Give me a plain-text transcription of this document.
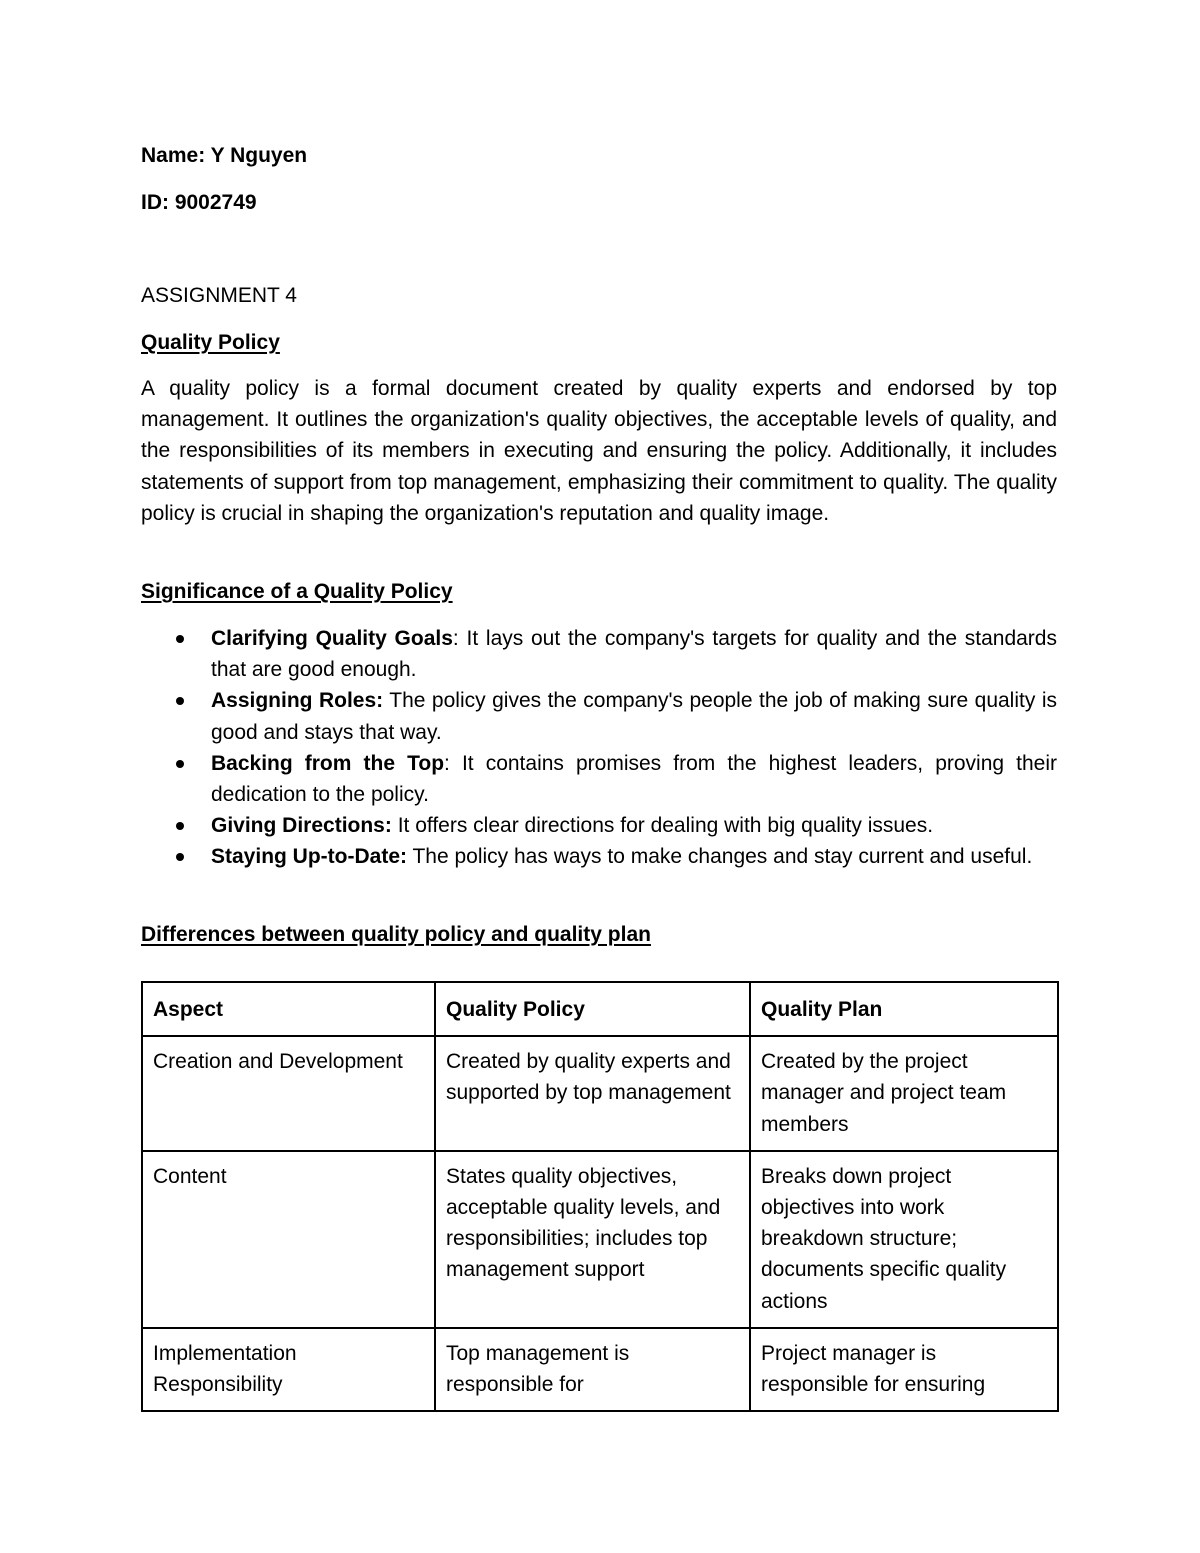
Name: Y Nguyen
ID: 9002749
ASSIGNMENT 4
Quality Policy
A quality policy is a formal document created by quality experts and endorsed by top management. It outlines the organization's quality objectives, the acceptable levels of quality, and the responsibilities of its members in executing and ensuring the policy. Additionally, it includes statements of support from top management, emphasizing their commitment to quality. The quality policy is crucial in shaping the organization's reputation and quality image.
Significance of a Quality Policy
Clarifying Quality Goals: It lays out the company's targets for quality and the standards that are good enough.
Assigning Roles: The policy gives the company's people the job of making sure quality is good and stays that way.
Backing from the Top: It contains promises from the highest leaders, proving their dedication to the policy.
Giving Directions: It offers clear directions for dealing with big quality issues.
Staying Up-to-Date: The policy has ways to make changes and stay current and useful.
Differences between quality policy and quality plan
Aspect	Quality Policy	Quality Plan
Creation and Development	Created by quality experts and supported by top management	Created by the project manager and project team members
Content	States quality objectives, acceptable quality levels, and responsibilities; includes top management support	Breaks down project objectives into work breakdown structure; documents specific quality actions
Implementation Responsibility	Top management is responsible for	Project manager is responsible for ensuring
